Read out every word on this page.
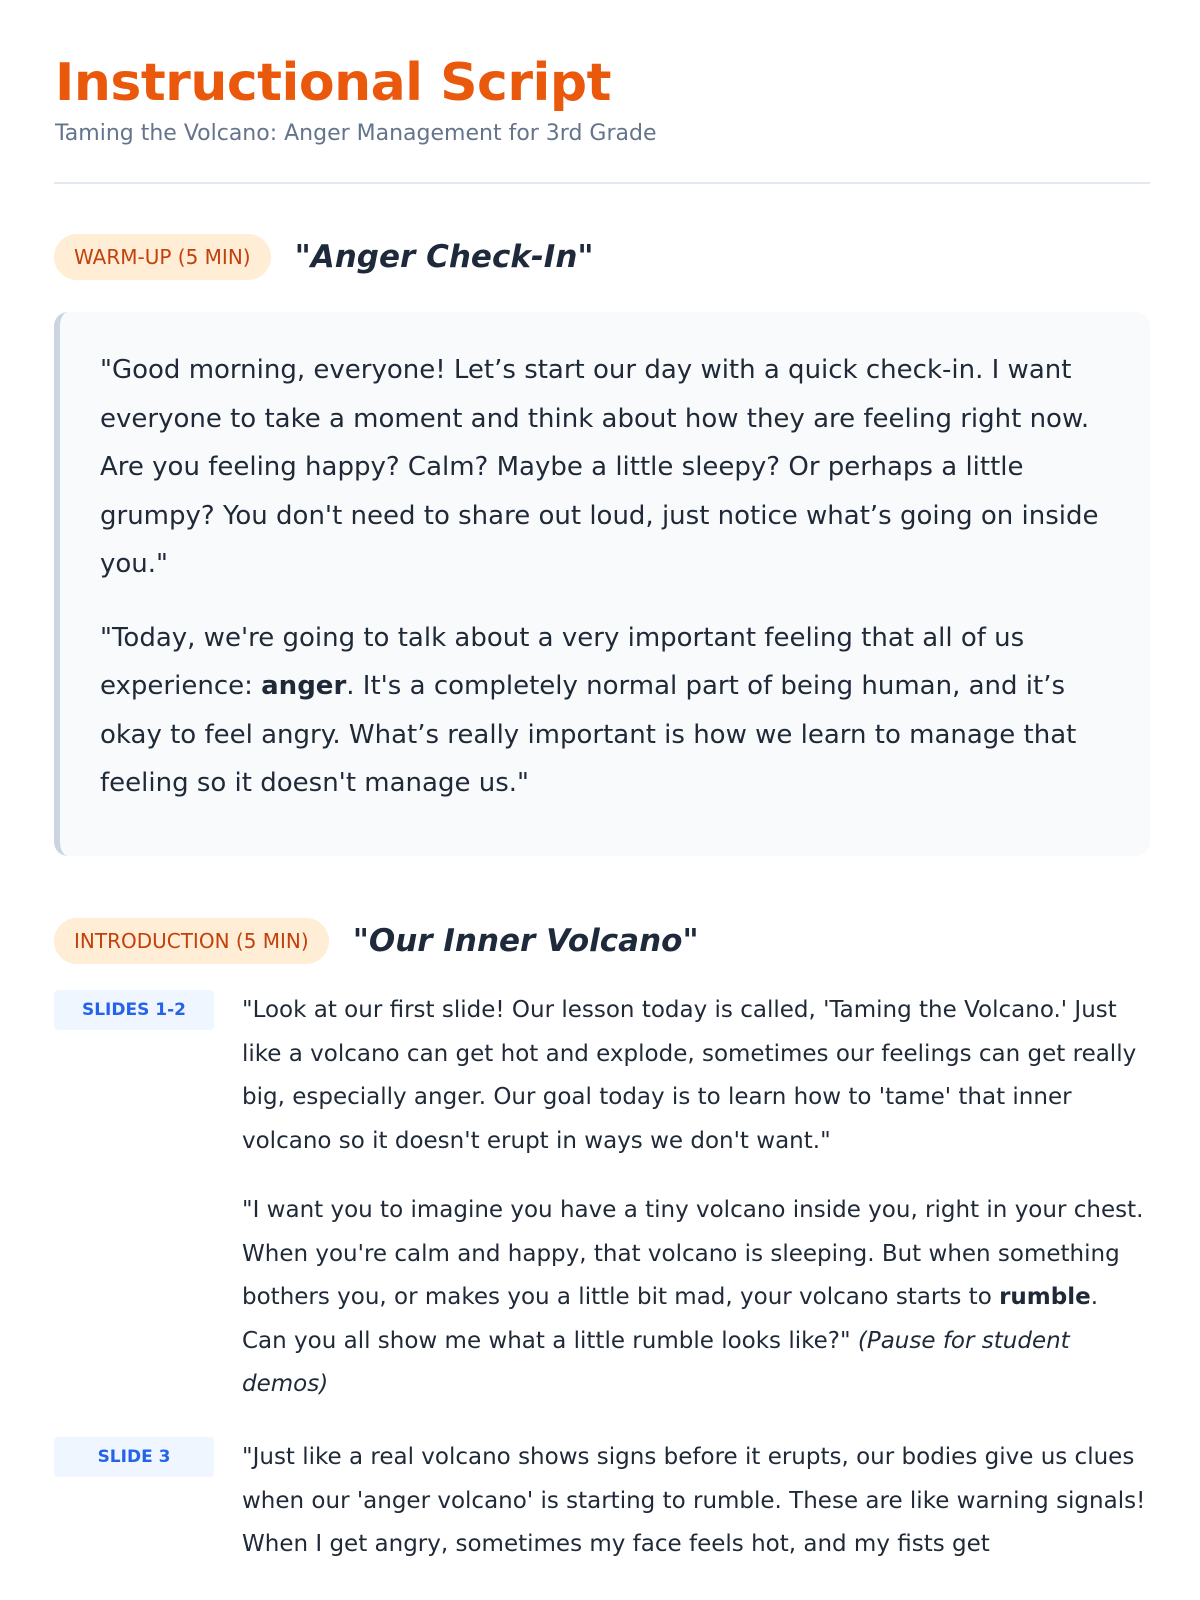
Instructional Script
Taming the Volcano: Anger Management for 3rd Grade
WARM-UP (5 MIN)	"Anger Check-In"

"Good morning, everyone! Let’s start our day with a quick check-in. I want everyone to take a moment and think about how they are feeling right now. Are you feeling happy? Calm? Maybe a little sleepy? Or perhaps a little grumpy? You don't need to share out loud, just notice what’s going on inside you."

"Today, we're going to talk about a very important feeling that all of us experience: anger. It's a completely normal part of being human, and it’s okay to feel angry. What’s really important is how we learn to manage that feeling so it doesn't manage us."

INTRODUCTION (5 MIN)	"Our Inner Volcano"
SLIDES 1-2	"Look at our first slide! Our lesson today is called, 'Taming the Volcano.' Just like a volcano can get hot and explode, sometimes our feelings can get really big, especially anger. Our goal today is to learn how to 'tame' that inner volcano so it doesn't erupt in ways we don't want."

"I want you to imagine you have a tiny volcano inside you, right in your chest. When you're calm and happy, that volcano is sleeping. But when something bothers you, or makes you a little bit mad, your volcano starts to rumble. Can you all show me what a little rumble looks like?" (Pause for student demos)

SLIDE 3	"Just like a real volcano shows signs before it erupts, our bodies give us clues when our 'anger volcano' is starting to rumble. These are like warning signals! When I get angry, sometimes my face feels hot, and my fists get
